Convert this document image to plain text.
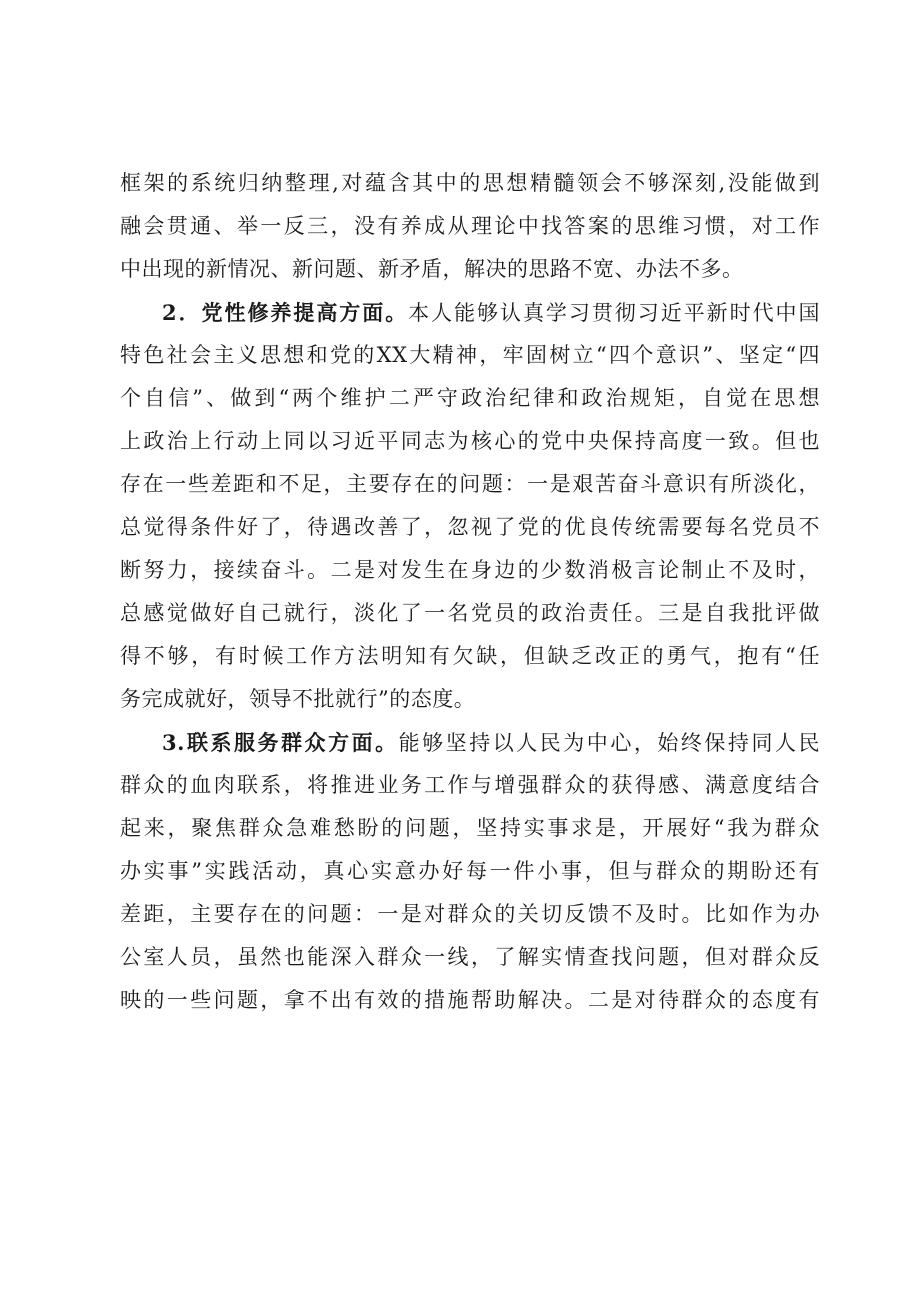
框架的系统归纳整理,对蕴含其中的思想精髓领会不够深刻,没能做到
融会贯通、举一反三，没有养成从理论中找答案的思维习惯，对工作
中出现的新情况、新问题、新矛盾，解决的思路不宽、办法不多。
2．党性修养提高方面。本人能够认真学习贯彻习近平新时代中国
特色社会主义思想和党的XX大精神，牢固树立“四个意识”、坚定“四
个自信”、做到“两个维护二严守政治纪律和政治规矩，自觉在思想
上政治上行动上同以习近平同志为核心的党中央保持高度一致。但也
存在一些差距和不足，主要存在的问题：一是艰苦奋斗意识有所淡化，
总觉得条件好了，待遇改善了，忽视了党的优良传统需要每名党员不
断努力，接续奋斗。二是对发生在身边的少数消极言论制止不及时，
总感觉做好自己就行，淡化了一名党员的政治责任。三是自我批评做
得不够，有时候工作方法明知有欠缺，但缺乏改正的勇气，抱有“任
务完成就好，领导不批就行”的态度。
3.联系服务群众方面。能够坚持以人民为中心，始终保持同人民
群众的血肉联系，将推进业务工作与增强群众的获得感、满意度结合
起来，聚焦群众急难愁盼的问题，坚持实事求是，开展好“我为群众
办实事”实践活动，真心实意办好每一件小事，但与群众的期盼还有
差距，主要存在的问题：一是对群众的关切反馈不及时。比如作为办
公室人员，虽然也能深入群众一线，了解实情查找问题，但对群众反
映的一些问题，拿不出有效的措施帮助解决。二是对待群众的态度有
